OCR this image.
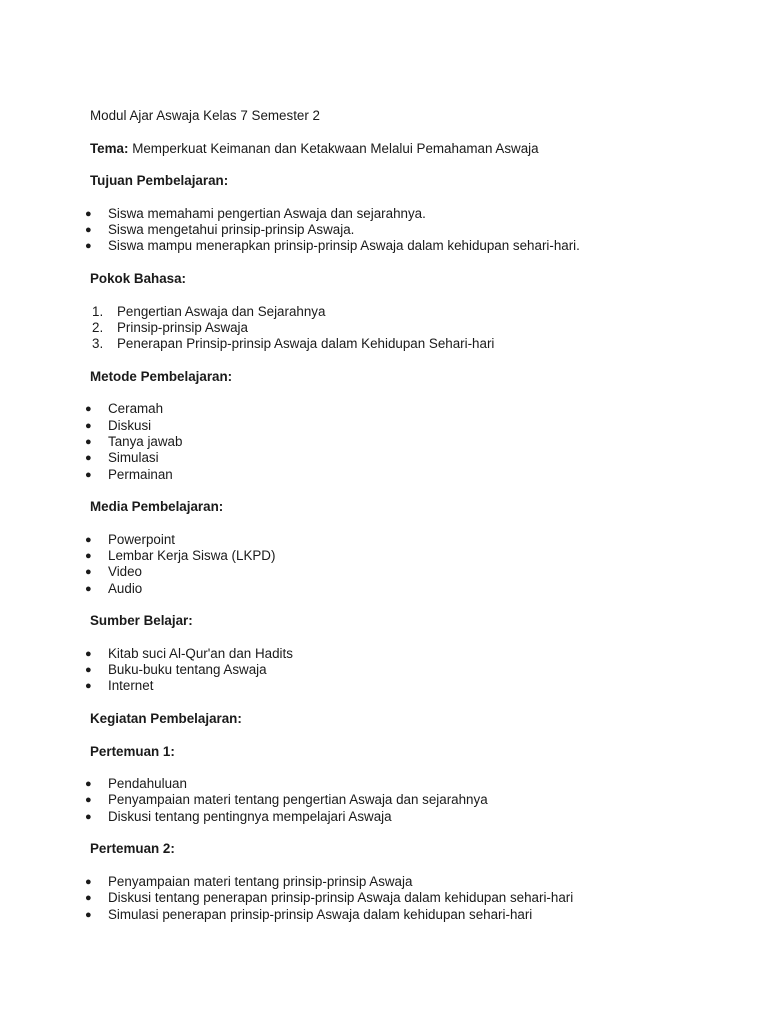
Modul Ajar Aswaja Kelas 7 Semester 2
Tema: Memperkuat Keimanan dan Ketakwaan Melalui Pemahaman Aswaja
Tujuan Pembelajaran:
● Siswa memahami pengertian Aswaja dan sejarahnya.
● Siswa mengetahui prinsip-prinsip Aswaja.
● Siswa mampu menerapkan prinsip-prinsip Aswaja dalam kehidupan sehari-hari.
Pokok Bahasa:
1. Pengertian Aswaja dan Sejarahnya
2. Prinsip-prinsip Aswaja
3. Penerapan Prinsip-prinsip Aswaja dalam Kehidupan Sehari-hari
Metode Pembelajaran:
● Ceramah
● Diskusi
● Tanya jawab
● Simulasi
● Permainan
Media Pembelajaran:
● Powerpoint
● Lembar Kerja Siswa (LKPD)
● Video
● Audio
Sumber Belajar:
● Kitab suci Al-Qur'an dan Hadits
● Buku-buku tentang Aswaja
● Internet
Kegiatan Pembelajaran:
Pertemuan 1:
● Pendahuluan
● Penyampaian materi tentang pengertian Aswaja dan sejarahnya
● Diskusi tentang pentingnya mempelajari Aswaja
Pertemuan 2:
● Penyampaian materi tentang prinsip-prinsip Aswaja
● Diskusi tentang penerapan prinsip-prinsip Aswaja dalam kehidupan sehari-hari
● Simulasi penerapan prinsip-prinsip Aswaja dalam kehidupan sehari-hari
